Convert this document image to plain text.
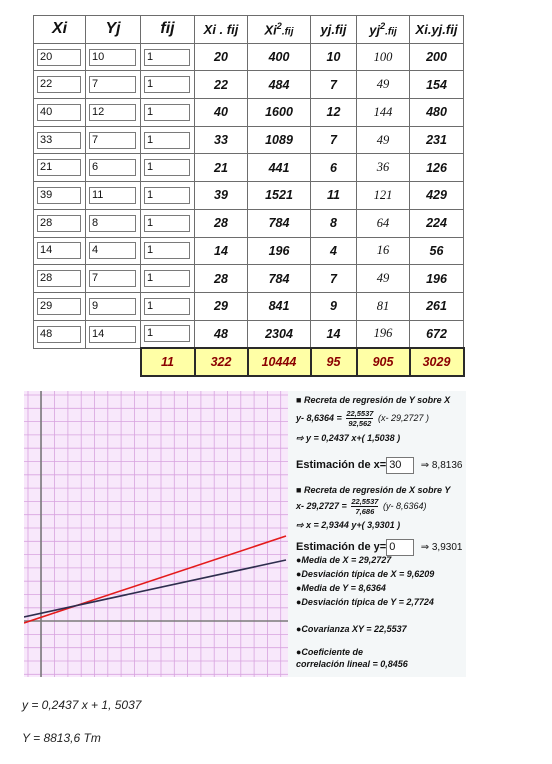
Xi	Yj	fij	Xi . fij	Xi$^2$.fij	yj.fij	$yj^2.fij$	Xi.yj.fij

20	10	1	20	400	10	100	200

22	7	1	22	484	7	49	154

40	12	1	40	1600	12	144	480

33	7	1	33	1089	7	49	231

21	6	1	21	441	6	36	126

39	11	1	39	1521	11	121	429

28	8	1	28	784	8	64	224

14	4	1	14	196	4	16	56

28	7	1	28	784	7	49	196

29	9	1	29	841	9	81	261

48	14	1	48	2304	14	196	672
		11	322	10444	95	905	3029
■ Recreta de regresión de Y sobre X
y- $8,6364 = \frac{22,5537}{92,562} (x-$ 29,2727 )
⇨ y = 0,2437 x+( 1,5038 )
Estimación de x= 30 ⇒ 8,8136
■ Recreta de regresión de X sobre Y
x- $29,2727 = \frac{22,5537}{7,686} (y-$ 8,6364)
⇨ x = 2,9344 y+( 3,9301 )
Estimación de y= 0	⇒ 3,9301
●Media de X = 29,2727
●Desviación típica de X = 9,6209
●Media de Y = 8,6364
●Desviación típica de Y = 2,7724
●Covarianza XY = 22,5537
●Coeficiente de
correlación lineal = 0,8456
y = 0,2437 x + 1, 5037
Y = 8813,6 Tm
